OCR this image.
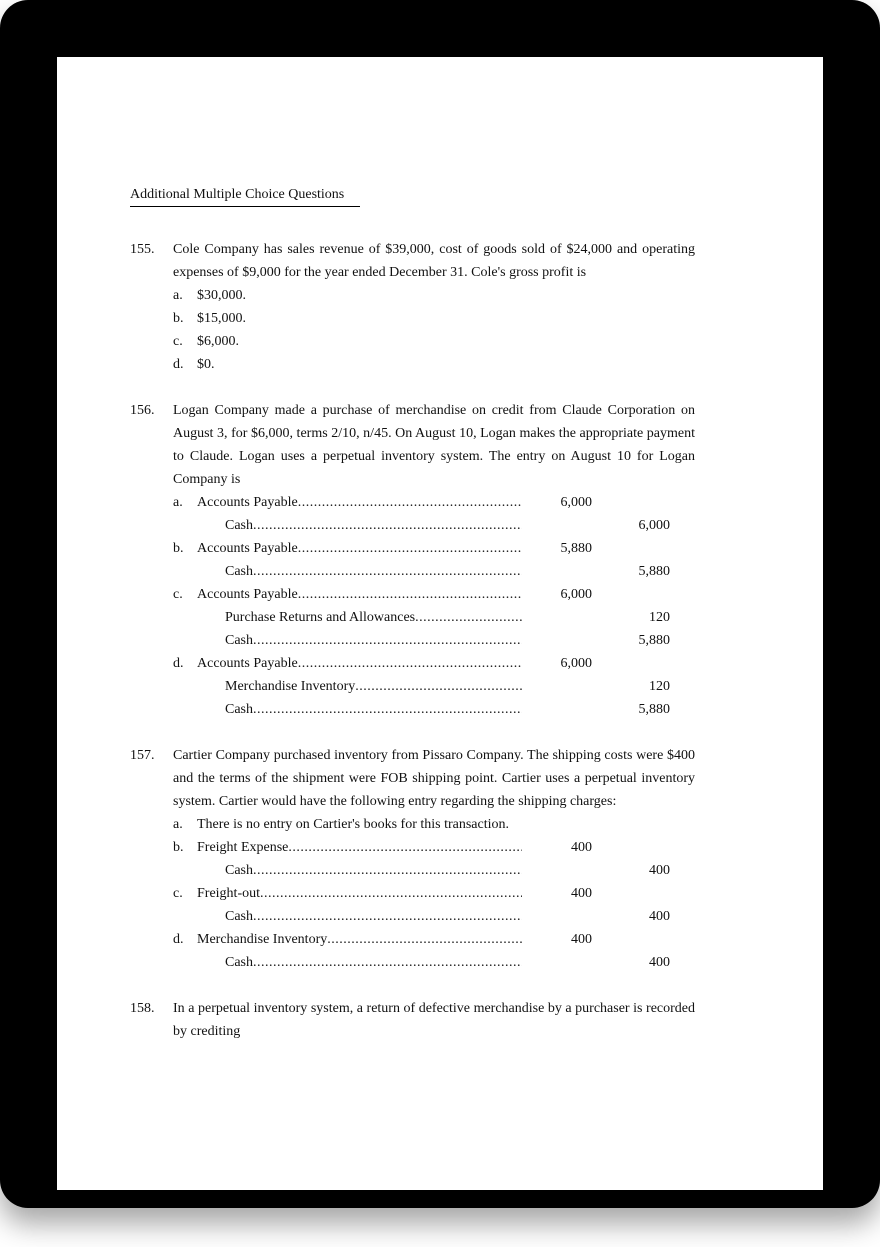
Additional Multiple Choice Questions
155.	Cole Company has sales revenue of $39,000, cost of goods sold of $24,000 and operating expenses of $9,000 for the year ended December 31. Cole's gross profit is
a.	$30,000.
b. $15,000.
c.	$6,000.
d. $0.
156.	Logan Company made a purchase of merchandise on credit from Claude Corporation on August 3, for $6,000, terms 2/10, n/45. On August 10, Logan makes the appropriate payment to Claude. Logan uses a perpetual inventory system. The entry on August 10 for Logan Company is
a.	Accounts Payable .....	6,000
Cash .....	6,000
b. Accounts Payable .....	5,880
Cash .....	5,880
c.	Accounts Payable .....	6,000
Purchase Returns and Allowances .....	120
Cash .....	5,880
d. Accounts Payable .....	6,000
Merchandise Inventory .....	120
Cash .....	5,880
157.	Cartier Company purchased inventory from Pissaro Company. The shipping costs were $400 and the terms of the shipment were FOB shipping point. Cartier uses a perpetual inventory system. Cartier would have the following entry regarding the shipping charges:
a.	There is no entry on Cartier's books for this transaction.
b. Freight Expense .....	400
Cash .....	400
c.	Freight-out .....	400
Cash .....	400
d. Merchandise Inventory .....	400
Cash .....	400
158.	In a perpetual inventory system, a return of defective merchandise by a purchaser is recorded by crediting
